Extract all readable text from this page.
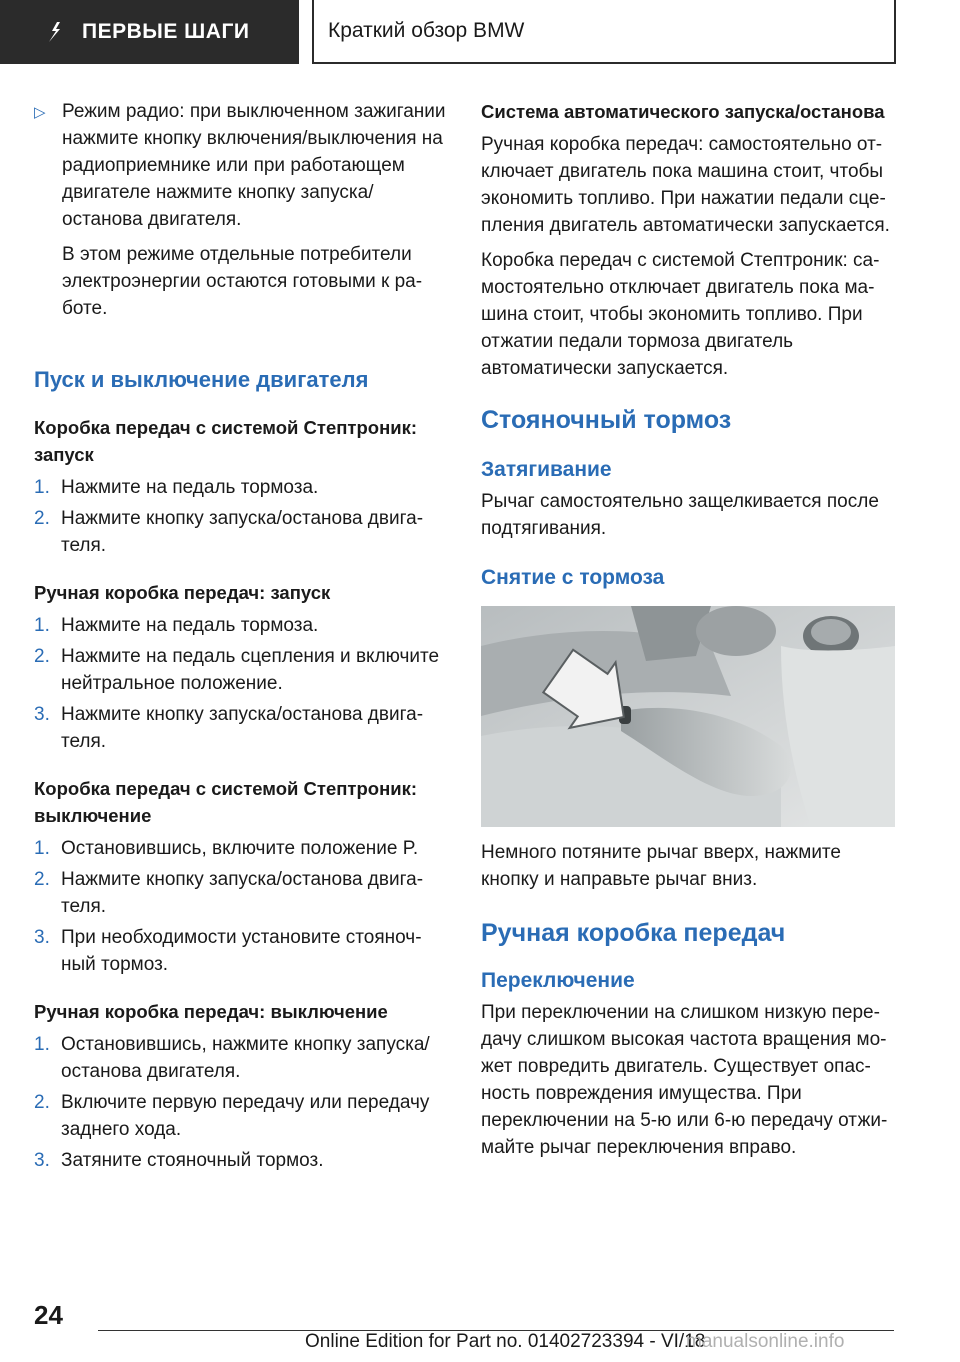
ПЕРВЫЕ ШАГИ	Краткий обзор BMW
▷ Режим радио: при выключенном зажигании нажмите кнопку включения/выключения на радиоприемнике или при работающем двигателе нажмите кнопку запуска/останова двигателя.

В этом режиме отдельные потребители электроэнергии остаются готовыми к работе.

Пуск и выключение двигателя
Коробка передач с системой Стептроник: запуск
1. Нажмите на педаль тормоза.
2. Нажмите кнопку запуска/останова двигателя.
Ручная коробка передач: запуск
1. Нажмите на педаль тормоза.
2. Нажмите на педаль сцепления и включите нейтральное положение.
3. Нажмите кнопку запуска/останова двигателя.
Коробка передач с системой Стептроник: выключение
1. Остановившись, включите положение P.
2. Нажмите кнопку запуска/останова двигателя.
3. При необходимости установите стояночный тормоз.
Ручная коробка передач: выключение
1. Остановившись, нажмите кнопку запуска/останова двигателя.
2. Включите первую передачу или передачу заднего хода.
3. Затяните стояночный тормоз.
Система автоматического запуска/останова

Ручная коробка передач: самостоятельно отключает двигатель пока машина стоит, чтобы экономить топливо. При нажатии педали сцепления двигатель автоматически запускается.

Коробка передач с системой Стептроник: самостоятельно отключает двигатель пока машина стоит, чтобы экономить топливо. При отжатии педали тормоза двигатель автоматически запускается.

Стояночный тормоз
Затягивание

Рычаг самостоятельно защелкивается после подтягивания.

Снятие с тормоза

Немного потяните рычаг вверх, нажмите кнопку и направьте рычаг вниз.

Ручная коробка передач
Переключение

При переключении на слишком низкую передачу слишком высокая частота вращения может повредить двигатель. Существует опасность повреждения имущества. При переключении на 5-ю или 6-ю передачу отжимайте рычаг переключения вправо.

24
Online Edition for Part no. 01402723394 - VI/18
manualsonline.info
